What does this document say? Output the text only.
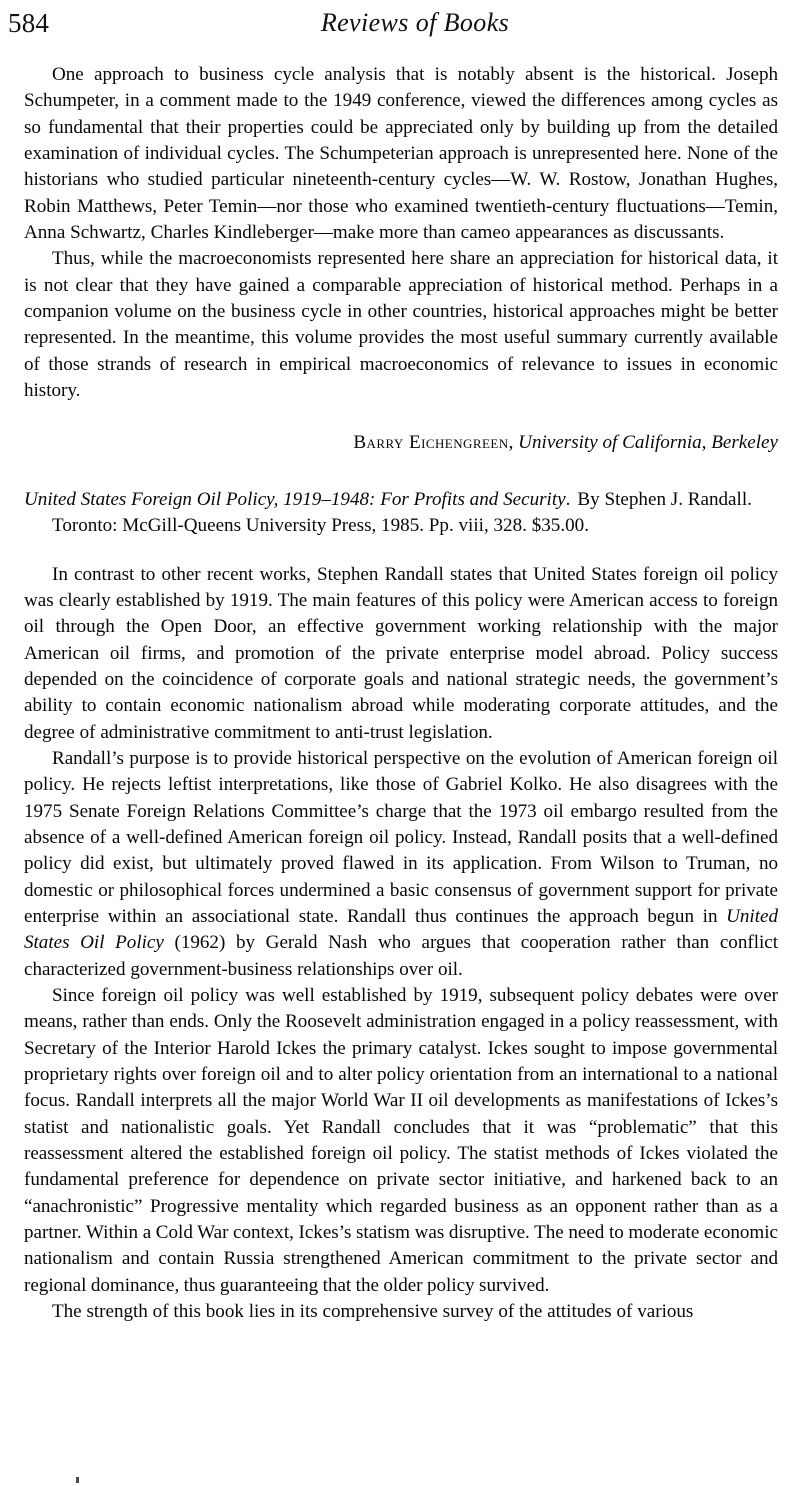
584	Reviews of Books

One approach to business cycle analysis that is notably absent is the historical. Joseph Schumpeter, in a comment made to the 1949 conference, viewed the differences among cycles as so fundamental that their properties could be appreciated only by building up from the detailed examination of individual cycles. The Schumpeterian approach is unrepresented here. None of the historians who studied particular nineteenth-century cycles—W. W. Rostow, Jonathan Hughes, Robin Matthews, Peter Temin—nor those who examined twentieth-century fluctuations—Temin, Anna Schwartz, Charles Kindleberger—make more than cameo appearances as discussants.

Thus, while the macroeconomists represented here share an appreciation for historical data, it is not clear that they have gained a comparable appreciation of historical method. Perhaps in a companion volume on the business cycle in other countries, historical approaches might be better represented. In the meantime, this volume provides the most useful summary currently available of those strands of research in empirical macroeconomics of relevance to issues in economic history.

Barry Eichengreen, University of California, Berkeley

United States Foreign Oil Policy, 1919–1948: For Profits and Security. By Stephen J. Randall. Toronto: McGill-Queens University Press, 1985. Pp. viii, 328. $35.00.

In contrast to other recent works, Stephen Randall states that United States foreign oil policy was clearly established by 1919. The main features of this policy were American access to foreign oil through the Open Door, an effective government working relationship with the major American oil firms, and promotion of the private enterprise model abroad. Policy success depended on the coincidence of corporate goals and national strategic needs, the government’s ability to contain economic nationalism abroad while moderating corporate attitudes, and the degree of administrative commitment to anti-trust legislation.

Randall’s purpose is to provide historical perspective on the evolution of American foreign oil policy. He rejects leftist interpretations, like those of Gabriel Kolko. He also disagrees with the 1975 Senate Foreign Relations Committee’s charge that the 1973 oil embargo resulted from the absence of a well-defined American foreign oil policy. Instead, Randall posits that a well-defined policy did exist, but ultimately proved flawed in its application. From Wilson to Truman, no domestic or philosophical forces undermined a basic consensus of government support for private enterprise within an associational state. Randall thus continues the approach begun in United States Oil Policy (1962) by Gerald Nash who argues that cooperation rather than conflict characterized government-business relationships over oil.

Since foreign oil policy was well established by 1919, subsequent policy debates were over means, rather than ends. Only the Roosevelt administration engaged in a policy reassessment, with Secretary of the Interior Harold Ickes the primary catalyst. Ickes sought to impose governmental proprietary rights over foreign oil and to alter policy orientation from an international to a national focus. Randall interprets all the major World War II oil developments as manifestations of Ickes’s statist and nationalistic goals. Yet Randall concludes that it was “problematic” that this reassessment altered the established foreign oil policy. The statist methods of Ickes violated the fundamental preference for dependence on private sector initiative, and harkened back to an “anachronistic” Progressive mentality which regarded business as an opponent rather than as a partner. Within a Cold War context, Ickes’s statism was disruptive. The need to moderate economic nationalism and contain Russia strengthened American commitment to the private sector and regional dominance, thus guaranteeing that the older policy survived.

The strength of this book lies in its comprehensive survey of the attitudes of various
